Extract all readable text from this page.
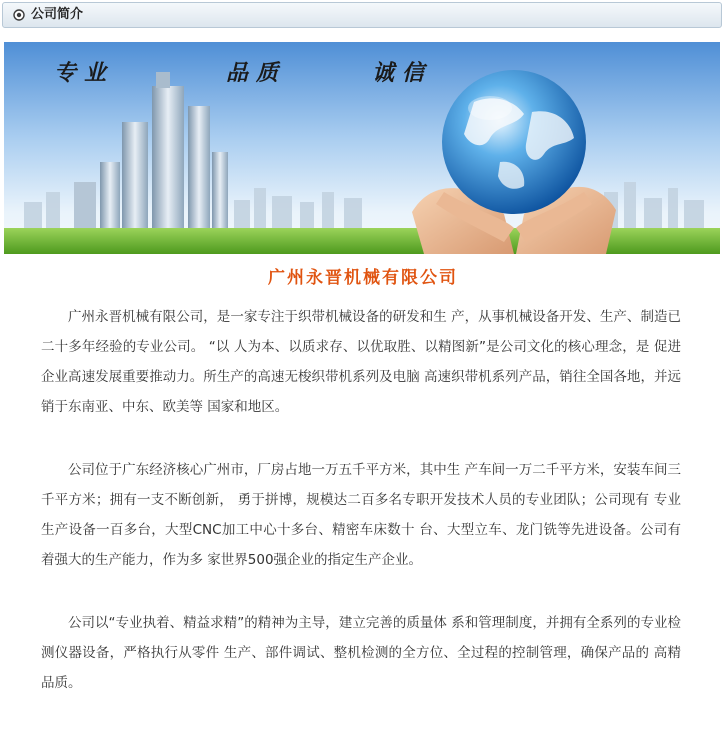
公司简介
专业	品质	诚信
广州永晋机械有限公司

广州永晋机械有限公司，是一家专注于织带机械设备的研发和生 产，从事机械设备开发、生产、制造已二十多年经验的专业公司。 “以 人为本、以质求存、以优取胜、以精图新”是公司文化的核心理念，是 促进企业高速发展重要推动力。所生产的高速无梭织带机系列及电脑 高速织带机系列产品，销往全国各地，并远销于东南亚、中东、欧美等 国家和地区。

公司位于广东经济核心广州市，厂房占地一万五千平方米，其中生 产车间一万二千平方米，安装车间三千平方米；拥有一支不断创新， 勇于拼博，规模达二百多名专职开发技术人员的专业团队；公司现有 专业生产设备一百多台，大型CNC加工中心十多台、精密车床数十 台、大型立车、龙门铣等先进设备。公司有着强大的生产能力，作为多 家世界500强企业的指定生产企业。

公司以“专业执着、精益求精”的精神为主导，建立完善的质量体 系和管理制度，并拥有全系列的专业检测仪器设备，严格执行从零件 生产、部件调试、整机检测的全方位、全过程的控制管理，确保产品的 高精品质。
